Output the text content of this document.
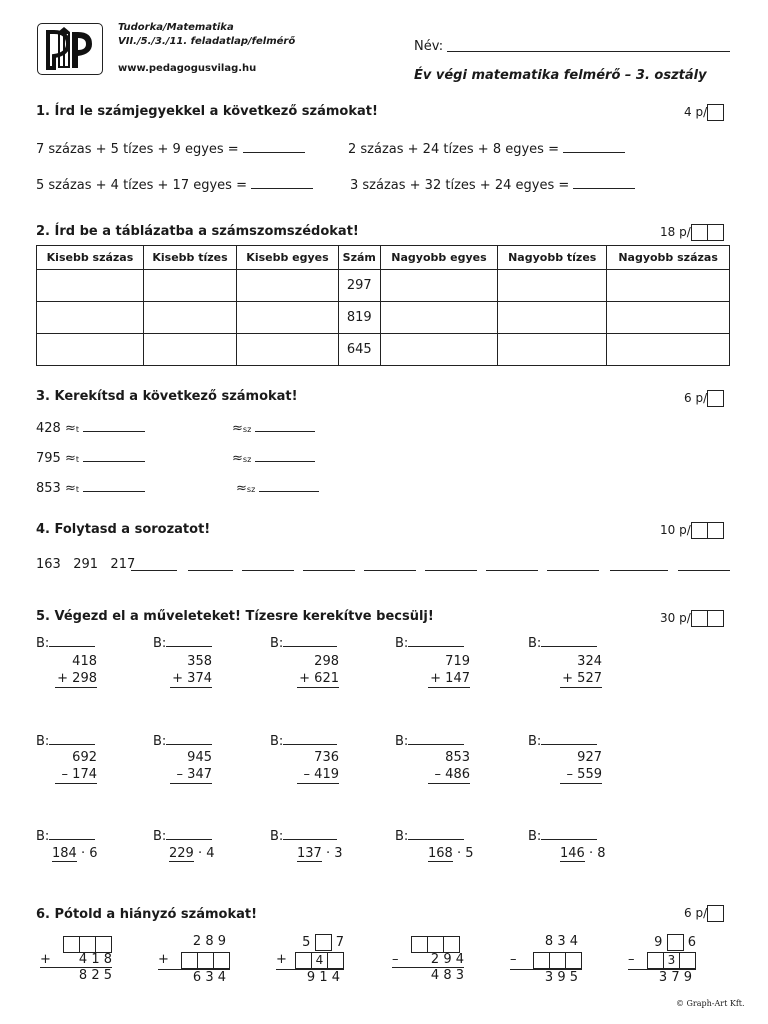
Tudorka/Matematika
VII./5./3./11. feladatlap/felmérő
www.pedagogusvilag.hu
Név:
Év végi matematika felmérő – 3. osztály
1. Írd le számjegyekkel a következő számokat!	4 p/
7 százas + 5 tízes + 9 egyes =	2 százas + 24 tízes + 8 egyes =
5 százas + 4 tízes + 17 egyes =	3 százas + 32 tízes + 24 egyes =
2. Írd be a táblázatba a számszomszédokat!	18 p/
Kisebb százas	Kisebb tízes	Kisebb egyes	Szám	Nagyobb egyes	Nagyobb tízes	Nagyobb százas
			297			
			819			
			645			
3. Kerekítsd a következő számokat!	6 p/
428 ≈t	≈sz
795 ≈t	≈sz
853 ≈t	≈sz
4. Folytasd a sorozatot!	10 p/
163   291   217
5. Végezd el a műveleteket! Tízesre kerekítve becsülj!	30 p/
B:	B:	B:	B:	B:
418
+ 298
358
+ 374
298
+ 621
719
+ 147
324
+ 527
B:	B:	B:	B:	B:
692
– 174
945
– 347
736
– 419
853
– 486
927
– 559
B:	B:	B:	B:	B:
184 · 6	229 · 4	137 · 3	168 · 5	146 · 8
6. Pótold a hiányzó számokat!	6 p/
+ 4 1 8
8 2 5
2 8 9
+
6 3 4
5 7
+	4
9 1 4
– 2 9 4
4 8 3
8 3 4
–
3 9 5
9 6
–	3
3 7 9
© Graph-Art Kft.
